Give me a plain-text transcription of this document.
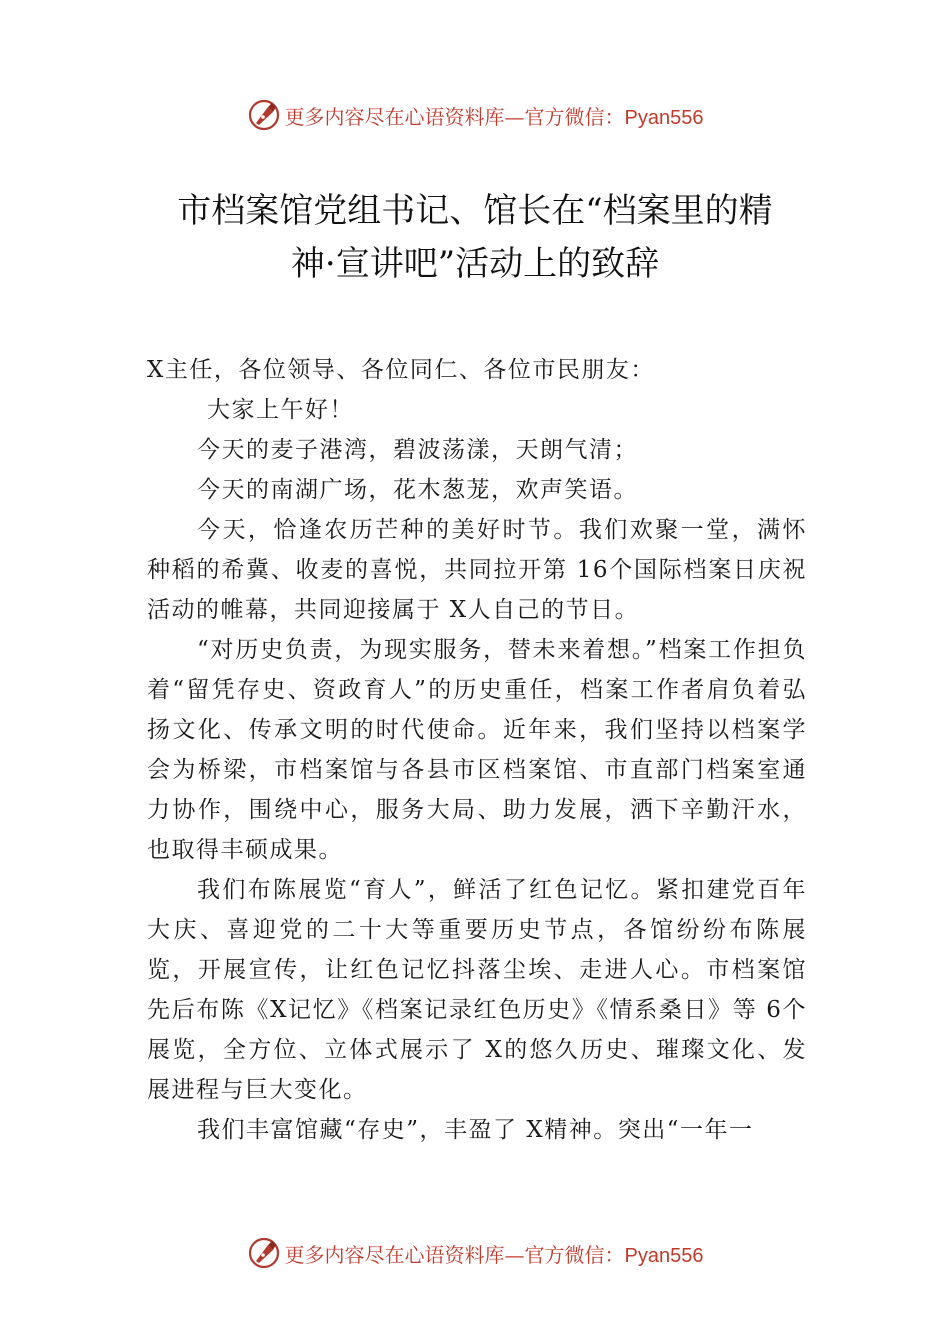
更多内容尽在心语资料库—官方微信：Pyan556
市档案馆党组书记、馆长在“档案里的精
神·宣讲吧”活动上的致辞

X主任，各位领导、各位同仁、各位市民朋友：

大家上午好！

今天的麦子港湾，碧波荡漾，天朗气清；

今天的南湖广场，花木葱茏，欢声笑语。

今天，恰逢农历芒种的美好时节。我们欢聚一堂，满怀种稻的希冀、收麦的喜悦，共同拉开第 16个国际档案日庆祝活动的帷幕，共同迎接属于 X人自己的节日。

“对历史负责，为现实服务，替未来着想。”档案工作担负着“留凭存史、资政育人”的历史重任，档案工作者肩负着弘扬文化、传承文明的时代使命。近年来，我们坚持以档案学会为桥梁，市档案馆与各县市区档案馆、市直部门档案室通力协作，围绕中心，服务大局、助力发展，洒下辛勤汗水，也取得丰硕成果。

我们布陈展览“育人”，鲜活了红色记忆。紧扣建党百年大庆、喜迎党的二十大等重要历史节点，各馆纷纷布陈展览，开展宣传，让红色记忆抖落尘埃、走进人心。市档案馆先后布陈《X记忆》《档案记录红色历史》《情系桑日》等 6个展览，全方位、立体式展示了 X的悠久历史、璀璨文化、发展进程与巨大变化。

我们丰富馆藏“存史”，丰盈了 X精神。突出“一年一

更多内容尽在心语资料库—官方微信：Pyan556
